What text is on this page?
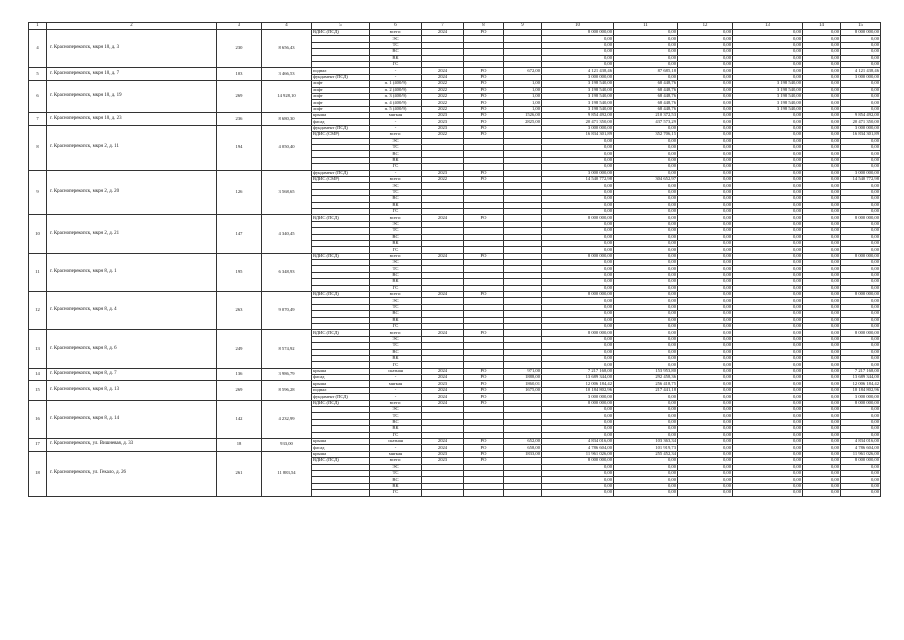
1	2	3	4	5	6	7	8	9	10	11	12	13	14	15
4	г. Красноперекопск, мкрн 10, д. 3	230	8 656,43	ВДИС (ПСД)	всего:	2024	РО		8 000 000,00	0,00	0,00	0,00	0,00	8 000 000,00
					ЭС				0,00	0,00	0,00	0,00	0,00	0,00
					ТС				0,00	0,00	0,00	0,00	0,00	0,00
					ВС				0,00	0,00	0,00	0,00	0,00	0,00
					ВК				0,00	0,00	0,00	0,00	0,00	0,00
					ГС				0,00	0,00	0,00	0,00	0,00	0,00
5	г. Красноперекопск, мкрн 10, д. 7	103	3 466,53	подвал	-	2024	РО	672,00	4 121 438,46	87 685,18	0,00	0,00	0,00	4 121 438,46
				фундамент (ПСД)	-	2024	РО		3 000 000,00	0,00	0,00	0,00	0,00	3 000 000,00
6	г. Красноперекопск, мкрн 10, д. 19	269	14 928,10	лифт	п. 1 (400/9)	2022	РО	1,00	3 198 540,00	68 448,76	0,00	3 198 540,00	0,00	0,00
				лифт	п. 2 (400/9)	2022	РО	1,00	3 198 540,00	68 448,76	0,00	3 198 540,00	0,00	0,00
				лифт	п. 3 (400/9)	2022	РО	1,00	3 198 540,00	68 448,76	0,00	3 198 540,00	0,00	0,00
				лифт	п. 4 (400/9)	2022	РО	1,00	3 198 540,00	68 448,76	0,00	3 198 540,00	0,00	0,00
				лифт	п. 5 (400/9)	2022	РО	1,00	3 198 540,00	68 448,76	0,00	3 198 540,00	0,00	0,00
7	г. Красноперекопск, мкрн 10, д. 23	236	8 680,30	крыша	мягкая	2023	РО	1526,00	9 854 492,00	210 372,53	0,00	0,00	0,00	9 854 492,00
				фасад	-	2023	РО	2825,00	20 471 350,00	437 573,29	0,00	0,00	0,00	20 471 350,00
8	г. Красноперекопск, мкрн 2, д. 11	194	4 050,40	фундамент (ПСД)	-	2023	РО		3 000 000,00	0,00	0,00	0,00	0,00	3 000 000,00
				ВДИС (СМР)	всего:	2022	РО		16 834 301,89	352 706,15	0,00	0,00	0,00	16 834 301,89
					ЭС				0,00	0,00	0,00	0,00	0,00	0,00
					ТС				0,00	0,00	0,00	0,00	0,00	0,00
					ВС				0,00	0,00	0,00	0,00	0,00	0,00
					ВК				0,00	0,00	0,00	0,00	0,00	0,00
					ГС				0,00	0,00	0,00	0,00	0,00	0,00
9	г. Красноперекопск, мкрн 2, д. 20	126	3 568,65	фундамент (ПСД)	-	2023	РО		3 000 000,00	0,00	0,00	0,00	0,00	3 000 000,00
				ВДИС (СМР)	всего:	2022	РО		14 540 772,98	304 652,97	0,00	0,00	0,00	14 540 772,98
					ЭС				0,00	0,00	0,00	0,00	0,00	0,00
					ТС				0,00	0,00	0,00	0,00	0,00	0,00
					ВС				0,00	0,00	0,00	0,00	0,00	0,00
					ВК				0,00	0,00	0,00	0,00	0,00	0,00
					ГС				0,00	0,00	0,00	0,00	0,00	0,00
10	г. Красноперекопск, мкрн 2, д. 21	147	4 340,45	ВДИС (ПСД)	всего:	2024	РО		8 000 000,00	0,00	0,00	0,00	0,00	8 000 000,00
					ЭС				0,00	0,00	0,00	0,00	0,00	0,00
					ТС				0,00	0,00	0,00	0,00	0,00	0,00
					ВС				0,00	0,00	0,00	0,00	0,00	0,00
					ВК				0,00	0,00	0,00	0,00	0,00	0,00
					ГС				0,00	0,00	0,00	0,00	0,00	0,00
11	г. Красноперекопск, мкрн 8, д. 1	195	6 348,93	ВДИС (ПСД)	всего:	2024	РО		8 000 000,00	0,00	0,00	0,00	0,00	8 000 000,00
					ЭС				0,00	0,00	0,00	0,00	0,00	0,00
					ТС				0,00	0,00	0,00	0,00	0,00	0,00
					ВС				0,00	0,00	0,00	0,00	0,00	0,00
					ВК				0,00	0,00	0,00	0,00	0,00	0,00
					ГС				0,00	0,00	0,00	0,00	0,00	0,00
12	г. Красноперекопск, мкрн 8, д. 4	263	9 070,49	ВДИС (ПСД)	всего:	2024	РО		8 000 000,00	0,00	0,00	0,00	0,00	8 000 000,00
					ЭС				0,00	0,00	0,00	0,00	0,00	0,00
					ТС				0,00	0,00	0,00	0,00	0,00	0,00
					ВС				0,00	0,00	0,00	0,00	0,00	0,00
					ВК				0,00	0,00	0,00	0,00	0,00	0,00
					ГС				0,00	0,00	0,00	0,00	0,00	0,00
13	г. Красноперекопск, мкрн 8, д. 6	249	8 574,92	ВДИС (ПСД)	всего:	2024	РО		8 000 000,00	0,00	0,00	0,00	0,00	8 000 000,00
					ЭС				0,00	0,00	0,00	0,00	0,00	0,00
					ТС				0,00	0,00	0,00	0,00	0,00	0,00
					ВС				0,00	0,00	0,00	0,00	0,00	0,00
					ВК				0,00	0,00	0,00	0,00	0,00	0,00
					ГС				0,00	0,00	0,00	0,00	0,00	0,00
14	г. Красноперекопск, мкрн 8, д. 7	136	3 986,79	крыша	скатная	2024	РО	971,00	7 217 168,00	153 953,80	0,00	0,00	0,00	7 217 168,00
				фасад	-	2024	РО	1888,00	13 689 344,00	292 458,36	0,00	0,00	0,00	13 689 344,00
15	г. Красноперекопск, мкрн 8, д. 13	269	8 596,28	крыша	мягкая	2023	РО	1860,01	12 006 184,42	256 418,75	0,00	0,00	0,00	12 006 184,42
				подвал	-	2024	РО	1675,00	10 184 802,96	217 441,18	0,00	0,00	0,00	10 184 802,96
				фундамент (ПСД)	-	2024	РО		3 000 000,00	0,00	0,00	0,00	0,00	3 000 000,00
16	г. Красноперекопск, мкрн 8, д. 14	142	4 232,99	ВДИС (ПСД)	всего:	2024	РО		8 000 000,00	0,00	0,00	0,00	0,00	8 000 000,00
					ЭС				0,00	0,00	0,00	0,00	0,00	0,00
					ТС				0,00	0,00	0,00	0,00	0,00	0,00
					ВС				0,00	0,00	0,00	0,00	0,00	0,00
					ВК				0,00	0,00	0,00	0,00	0,00	0,00
					ГС				0,00	0,00	0,00	0,00	0,00	0,00
17	г. Красноперекопск, ул. Вишневая, д. 33	18	933,00	крыша	скатная	2024	РО	652,00	4 834 016,00	103 363,34	0,00	0,00	0,00	4 834 016,00
				фасад	-	2024	РО	658,00	4 786 604,00	101 919,73	0,00	0,00	0,00	4 786 604,00
18	г. Красноперекопск, ул. Гекало, д. 26	261	11 883,54	крыша	мягкая	2023	РО	1833,00	11 961 026,00	255 452,34	0,00	0,00	0,00	11 961 026,00
				ВДИС (ПСД)	всего:	2023	РО		8 000 000,00	0,00	0,00	0,00	0,00	8 000 000,00
					ЭС				0,00	0,00	0,00	0,00	0,00	0,00
					ТС				0,00	0,00	0,00	0,00	0,00	0,00
					ВС				0,00	0,00	0,00	0,00	0,00	0,00
					ВК				0,00	0,00	0,00	0,00	0,00	0,00
					ГС				0,00	0,00	0,00	0,00	0,00	0,00
